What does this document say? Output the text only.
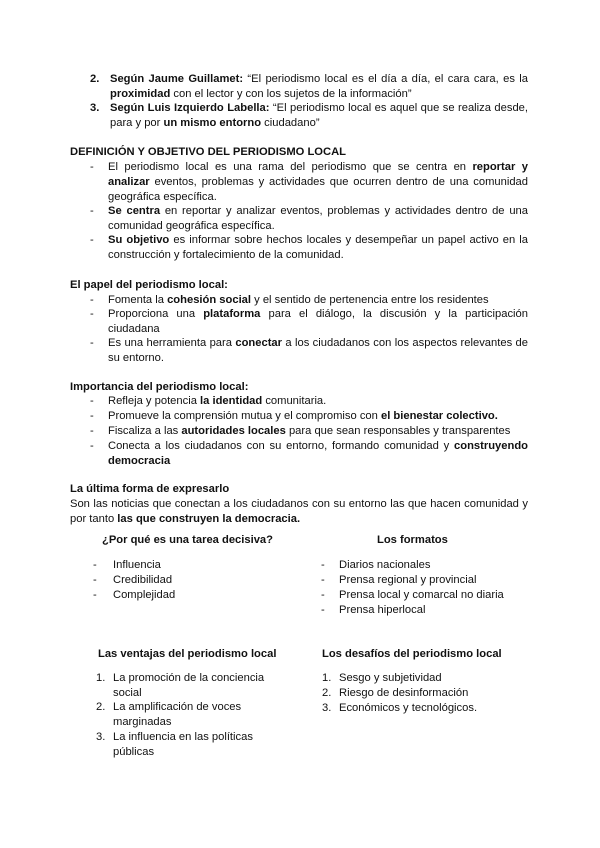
2. Según Jaume Guillamet: “El periodismo local es el día a día, el cara cara, es la proximidad con el lector y con los sujetos de la información”
3. Según Luis Izquierdo Labella: “El periodismo local es aquel que se realiza desde, para y por un mismo entorno ciudadano”
DEFINICIÓN Y OBJETIVO DEL PERIODISMO LOCAL
-	El periodismo local es una rama del periodismo que se centra en reportar y analizar eventos, problemas y actividades que ocurren dentro de una comunidad geográfica específica.
-	Se centra en reportar y analizar eventos, problemas y actividades dentro de una comunidad geográfica específica.
-	Su objetivo es informar sobre hechos locales y desempeñar un papel activo en la construcción y fortalecimiento de la comunidad.
El papel del periodismo local:
-	Fomenta la cohesión social y el sentido de pertenencia entre los residentes
-	Proporciona una plataforma para el diálogo, la discusión y la participación ciudadana
-	Es una herramienta para conectar a los ciudadanos con los aspectos relevantes de su entorno.
Importancia del periodismo local:
-	Refleja y potencia la identidad comunitaria.
-	Promueve la comprensión mutua y el compromiso con el bienestar colectivo.
-	Fiscaliza a las autoridades locales para que sean responsables y transparentes
-	Conecta a los ciudadanos con su entorno, formando comunidad y construyendo democracia
La última forma de expresarlo
Son las noticias que conectan a los ciudadanos con su entorno las que hacen comunidad y por tanto las que construyen la democracia.
¿Por qué es una tarea decisiva?	Los formatos
- Influencia
- Credibilidad
- Complejidad
- Diarios nacionales
- Prensa regional y provincial
- Prensa local y comarcal no diaria
- Prensa hiperlocal
Las ventajas del periodismo local	Los desafíos del periodismo local
1. La promoción de la conciencia social
2. La amplificación de voces marginadas
3. La influencia en las políticas públicas
1. Sesgo y subjetividad
2. Riesgo de desinformación
3. Económicos y tecnológicos.
